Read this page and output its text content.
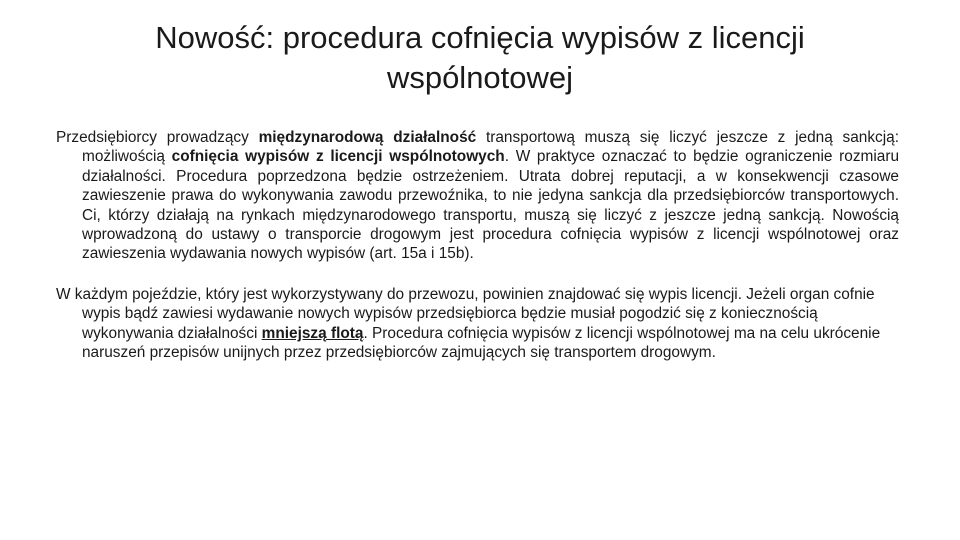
Nowość: procedura cofnięcia wypisów z licencji wspólnotowej

Przedsiębiorcy prowadzący międzynarodową działalność transportową muszą się liczyć jeszcze z jedną sankcją: możliwością cofnięcia wypisów z licencji wspólnotowych. W praktyce oznaczać to będzie ograniczenie rozmiaru działalności. Procedura poprzedzona będzie ostrzeżeniem. Utrata dobrej reputacji, a w konsekwencji czasowe zawieszenie prawa do wykonywania zawodu przewoźnika, to nie jedyna sankcja dla przedsiębiorców transportowych. Ci, którzy działają na rynkach międzynarodowego transportu, muszą się liczyć z jeszcze jedną sankcją. Nowością wprowadzoną do ustawy o transporcie drogowym jest procedura cofnięcia wypisów z licencji wspólnotowej oraz zawieszenia wydawania nowych wypisów (art. 15a i 15b).

W każdym pojeździe, który jest wykorzystywany do przewozu, powinien znajdować się wypis licencji. Jeżeli organ cofnie wypis bądź zawiesi wydawanie nowych wypisów przedsiębiorca będzie musiał pogodzić się z koniecznością wykonywania działalności mniejszą flotą. Procedura cofnięcia wypisów z licencji wspólnotowej ma na celu ukrócenie naruszeń przepisów unijnych przez przedsiębiorców zajmujących się transportem drogowym.
